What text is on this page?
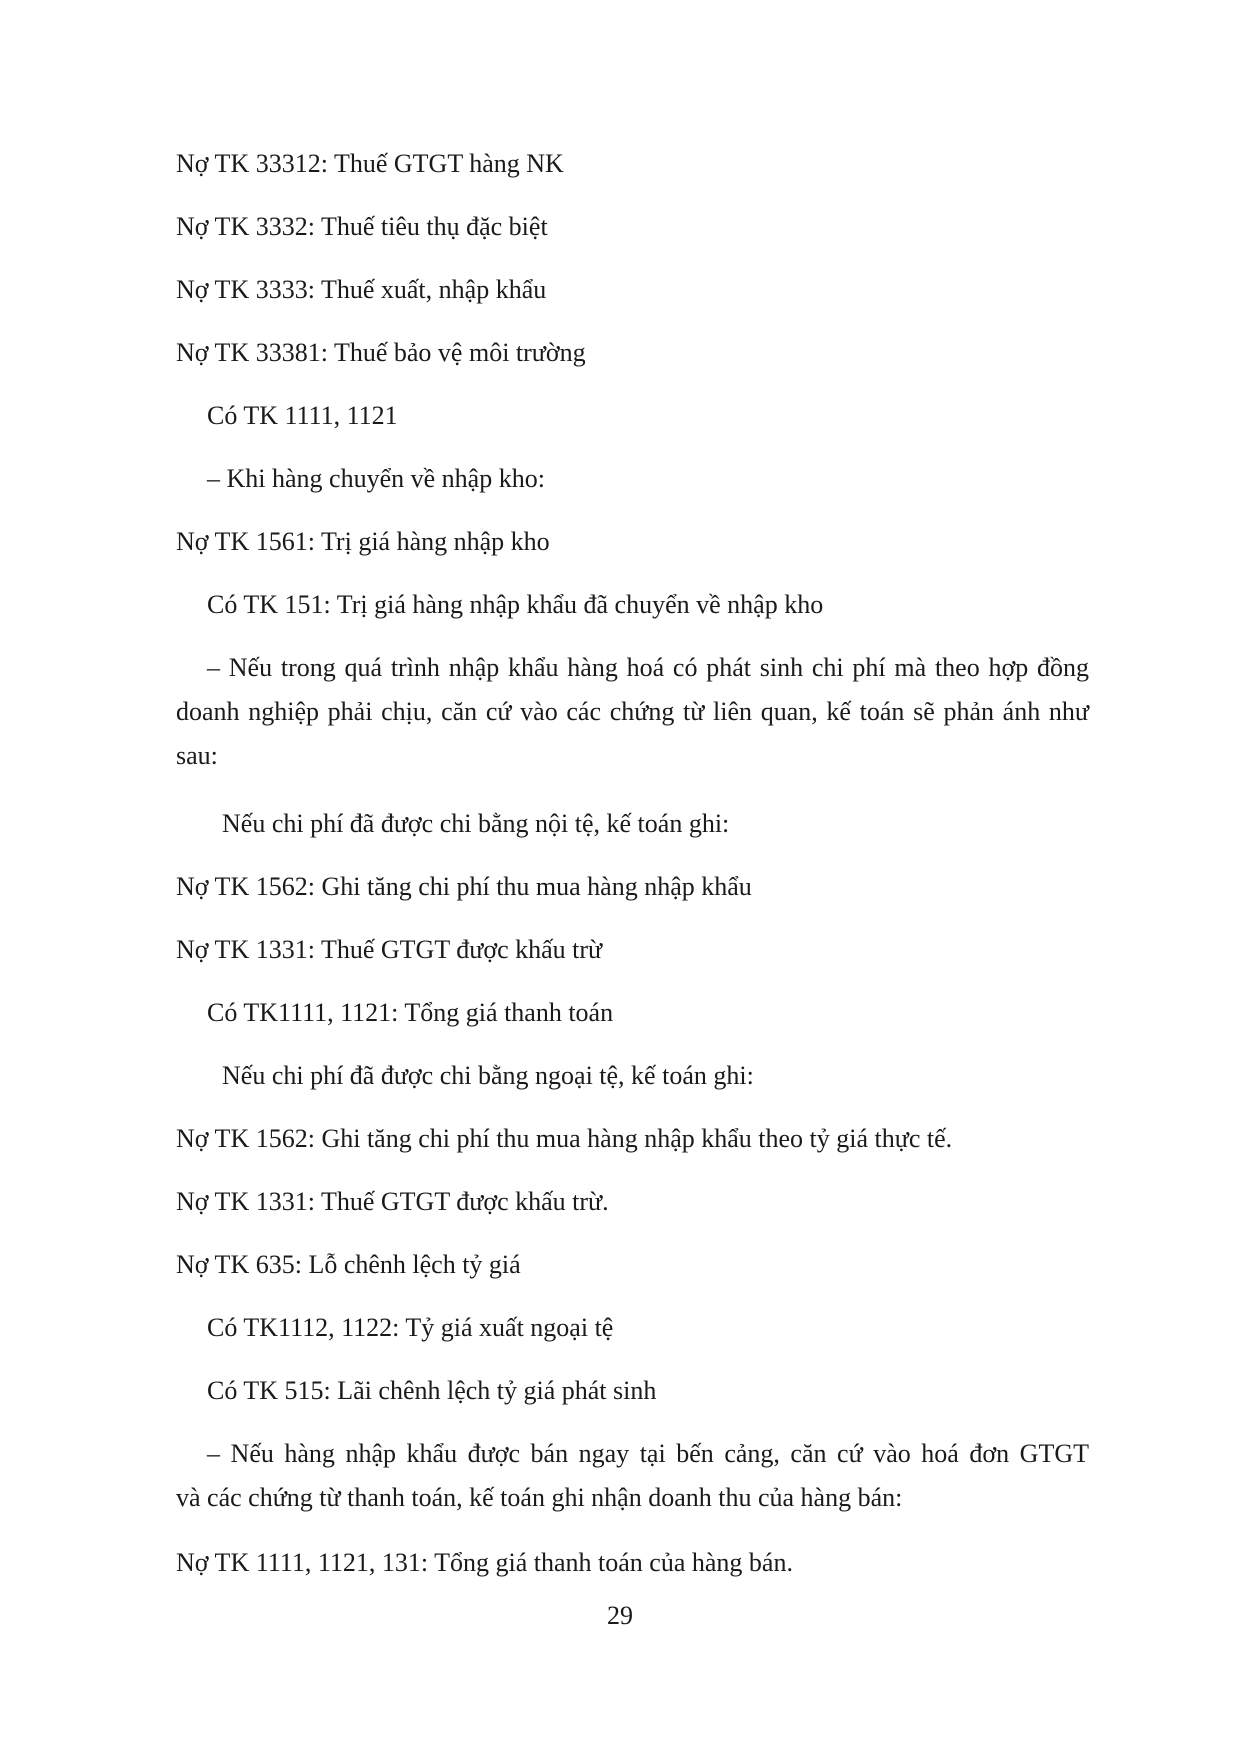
Nợ TK 33312: Thuế GTGT hàng NK
Nợ TK 3332: Thuế tiêu thụ đặc biệt
Nợ TK 3333: Thuế xuất, nhập khẩu
Nợ TK 33381: Thuế bảo vệ môi trường
Có TK 1111, 1121
– Khi hàng chuyển về nhập kho:
Nợ TK 1561: Trị giá hàng nhập kho
Có TK 151: Trị giá hàng nhập khẩu đã chuyển về nhập kho
– Nếu trong quá trình nhập khẩu hàng hoá có phát sinh chi phí mà theo hợp đồng
doanh nghiệp phải chịu, căn cứ vào các chứng từ liên quan, kế toán sẽ phản ánh như
sau:
Nếu chi phí đã được chi bằng nội tệ, kế toán ghi:
Nợ TK 1562: Ghi tăng chi phí thu mua hàng nhập khẩu
Nợ TK 1331: Thuế GTGT được khấu trừ
Có TK1111, 1121: Tổng giá thanh toán
Nếu chi phí đã được chi bằng ngoại tệ, kế toán ghi:
Nợ TK 1562: Ghi tăng chi phí thu mua hàng nhập khẩu theo tỷ giá thực tế.
Nợ TK 1331: Thuế GTGT được khấu trừ.
Nợ TK 635: Lỗ chênh lệch tỷ giá
Có TK1112, 1122: Tỷ giá xuất ngoại tệ
Có TK 515: Lãi chênh lệch tỷ giá phát sinh
– Nếu hàng nhập khẩu được bán ngay tại bến cảng, căn cứ vào hoá đơn GTGT
và các chứng từ thanh toán, kế toán ghi nhận doanh thu của hàng bán:
Nợ TK 1111, 1121, 131: Tổng giá thanh toán của hàng bán.
29
